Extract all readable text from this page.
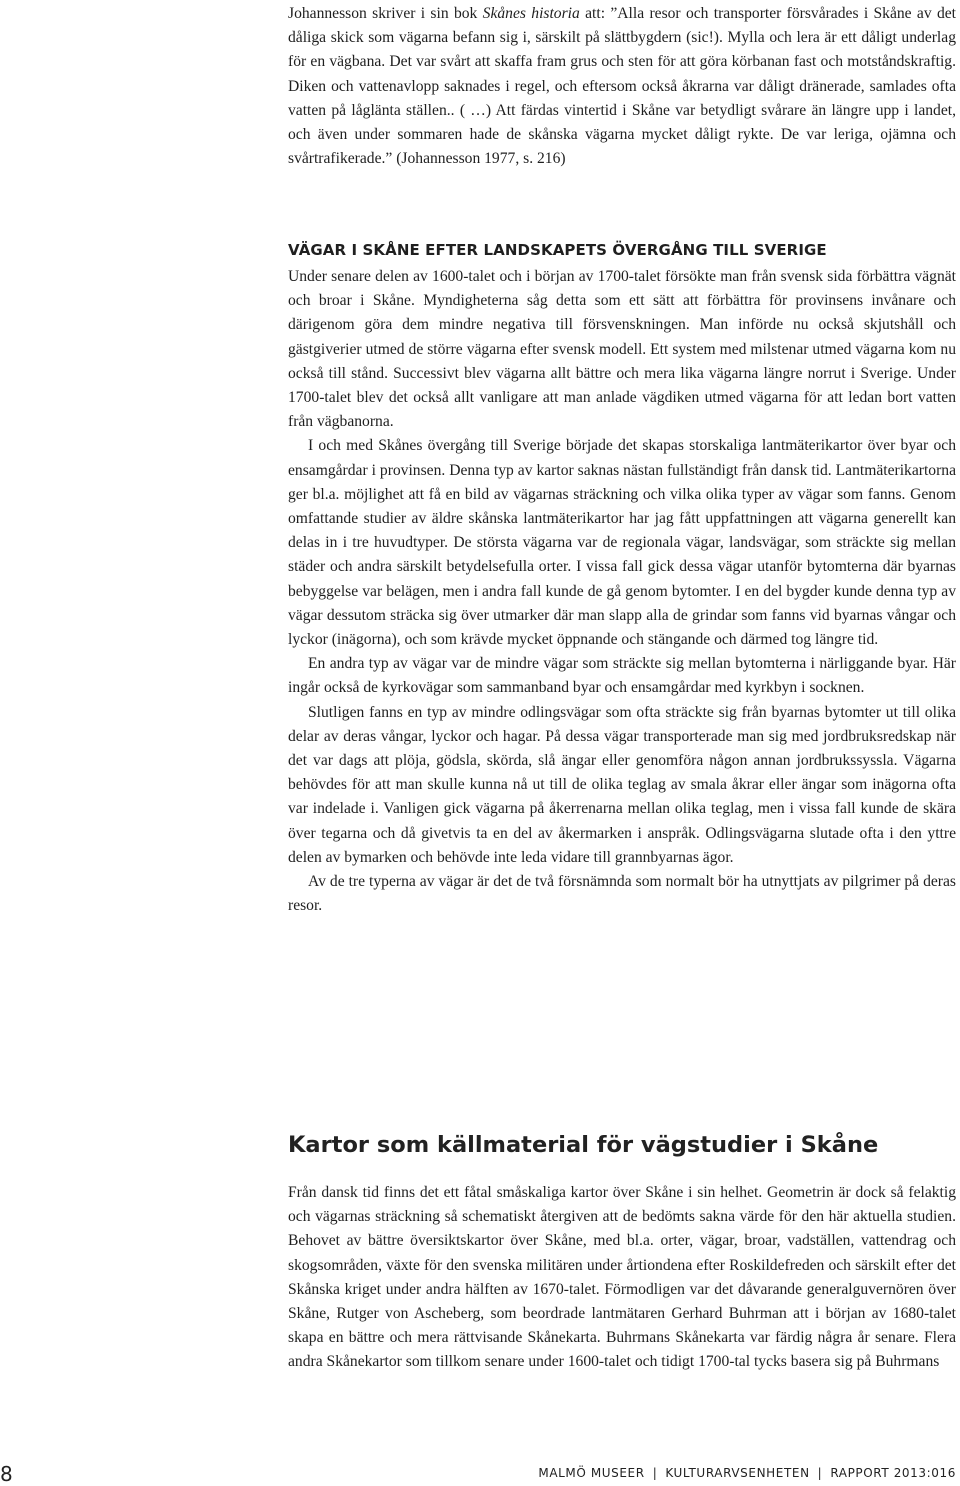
Johannesson skriver i sin bok Skånes historia att: ”Alla resor och transporter försvårades i Skåne av det dåliga skick som vägarna befann sig i, särskilt på slättbygdern (sic!). Mylla och lera är ett dåligt underlag för en vägbana. Det var svårt att skaffa fram grus och sten för att göra körbanan fast och motståndskraftig. Diken och vattenavlopp saknades i regel, och eftersom också åkrarna var dåligt dränerade, samlades ofta vatten på låglänta ställen.. ( …) Att färdas vintertid i Skåne var betydligt svårare än längre upp i landet, och även under sommaren hade de skånska vägarna mycket dåligt rykte. De var leriga, ojämna och svårtrafikerade.” (Johannesson 1977, s. 216)

VÄGAR I SKÅNE EFTER LANDSKAPETS ÖVERGÅNG TILL SVERIGE

Under senare delen av 1600-talet och i början av 1700-talet försökte man från svensk sida förbättra vägnät och broar i Skåne. Myndigheterna såg detta som ett sätt att förbättra för provinsens invånare och därigenom göra dem mindre negativa till försvenskningen. Man införde nu också skjutshåll och gästgiverier utmed de större vägarna efter svensk modell. Ett system med milstenar utmed vägarna kom nu också till stånd. Successivt blev vägarna allt bättre och mera lika vägarna längre norrut i Sverige. Under 1700-talet blev det också allt vanligare att man anlade vägdiken utmed vägarna för att ledan bort vatten från vägbanorna.

I och med Skånes övergång till Sverige började det skapas storskaliga lantmäterikartor över byar och ensamgårdar i provinsen. Denna typ av kartor saknas nästan fullständigt från dansk tid. Lantmäterikartorna ger bl.a. möjlighet att få en bild av vägarnas sträckning och vilka olika typer av vägar som fanns. Genom omfattande studier av äldre skånska lantmäterikartor har jag fått uppfattningen att vägarna generellt kan delas in i tre huvudtyper. De största vägarna var de regionala vägar, landsvägar, som sträckte sig mellan städer och andra särskilt betydelsefulla orter. I vissa fall gick dessa vägar utanför bytomterna där byarnas bebyggelse var belägen, men i andra fall kunde de gå genom bytomter. I en del bygder kunde denna typ av vägar dessutom sträcka sig över utmarker där man slapp alla de grindar som fanns vid byarnas vångar och lyckor (inägorna), och som krävde mycket öppnande och stängande och därmed tog längre tid.

En andra typ av vägar var de mindre vägar som sträckte sig mellan bytomterna i närliggande byar. Här ingår också de kyrkovägar som sammanband byar och ensamgårdar med kyrkbyn i socknen.

Slutligen fanns en typ av mindre odlingsvägar som ofta sträckte sig från byarnas bytomter ut till olika delar av deras vångar, lyckor och hagar. På dessa vägar transporterade man sig med jordbruksredskap när det var dags att plöja, gödsla, skörda, slå ängar eller genomföra någon annan jordbrukssyssla. Vägarna behövdes för att man skulle kunna nå ut till de olika teglag av smala åkrar eller ängar som inägorna ofta var indelade i. Vanligen gick vägarna på åkerrenarna mellan olika teglag, men i vissa fall kunde de skära över tegarna och då givetvis ta en del av åkermarken i anspråk. Odlingsvägarna slutade ofta i den yttre delen av bymarken och behövde inte leda vidare till grannbyarnas ägor.

Av de tre typerna av vägar är det de två försnämnda som normalt bör ha utnyttjats av pilgrimer på deras resor.

Kartor som källmaterial för vägstudier i Skåne

Från dansk tid finns det ett fåtal småskaliga kartor över Skåne i sin helhet. Geometrin är dock så felaktig och vägarnas sträckning så schematiskt återgiven att de bedömts sakna värde för den här aktuella studien. Behovet av bättre översiktskartor över Skåne, med bl.a. orter, vägar, broar, vadställen, vattendrag och skogsområden, växte för den svenska militären under årtiondena efter Roskildefreden och särskilt efter det Skånska kriget under andra hälften av 1670-talet. Förmodligen var det dåvarande generalguvernören över Skåne, Rutger von Ascheberg, som beordrade lantmätaren Gerhard Buhrman att i början av 1680-talet skapa en bättre och mera rättvisande Skånekarta. Buhrmans Skånekarta var färdig några år senare. Flera andra Skånekartor som tillkom senare under 1600-talet och tidigt 1700-tal tycks basera sig på Buhrmans

8	MALMÖ MUSEER | KULTURARVSENHETEN | RAPPORT 2013:016
